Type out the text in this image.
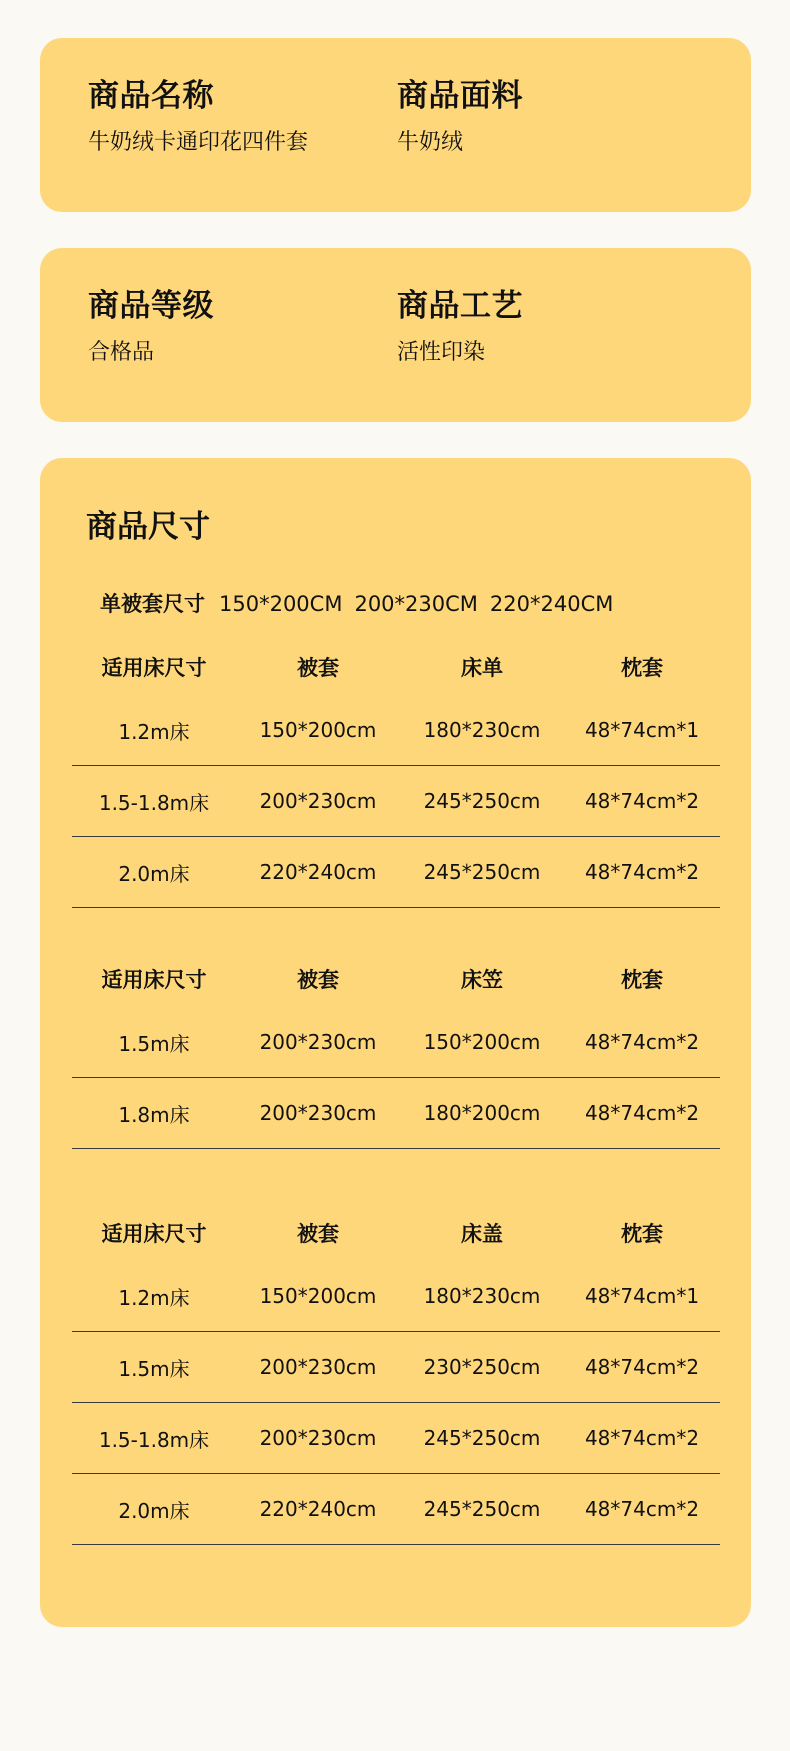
商品名称
牛奶绒卡通印花四件套
商品面料
牛奶绒
商品等级
合格品
商品工艺
活性印染
商品尺寸
单被套尺寸 150*200CM 200*230CM 220*240CM
适用床尺寸	被套	床单	枕套
1.2m床	150*200cm	180*230cm	48*74cm*1
1.5-1.8m床	200*230cm	245*250cm	48*74cm*2
2.0m床	220*240cm	245*250cm	48*74cm*2
适用床尺寸	被套	床笠	枕套
1.5m床	200*230cm	150*200cm	48*74cm*2
1.8m床	200*230cm	180*200cm	48*74cm*2
适用床尺寸	被套	床盖	枕套
1.2m床	150*200cm	180*230cm	48*74cm*1
1.5m床	200*230cm	230*250cm	48*74cm*2
1.5-1.8m床	200*230cm	245*250cm	48*74cm*2
2.0m床	220*240cm	245*250cm	48*74cm*2
